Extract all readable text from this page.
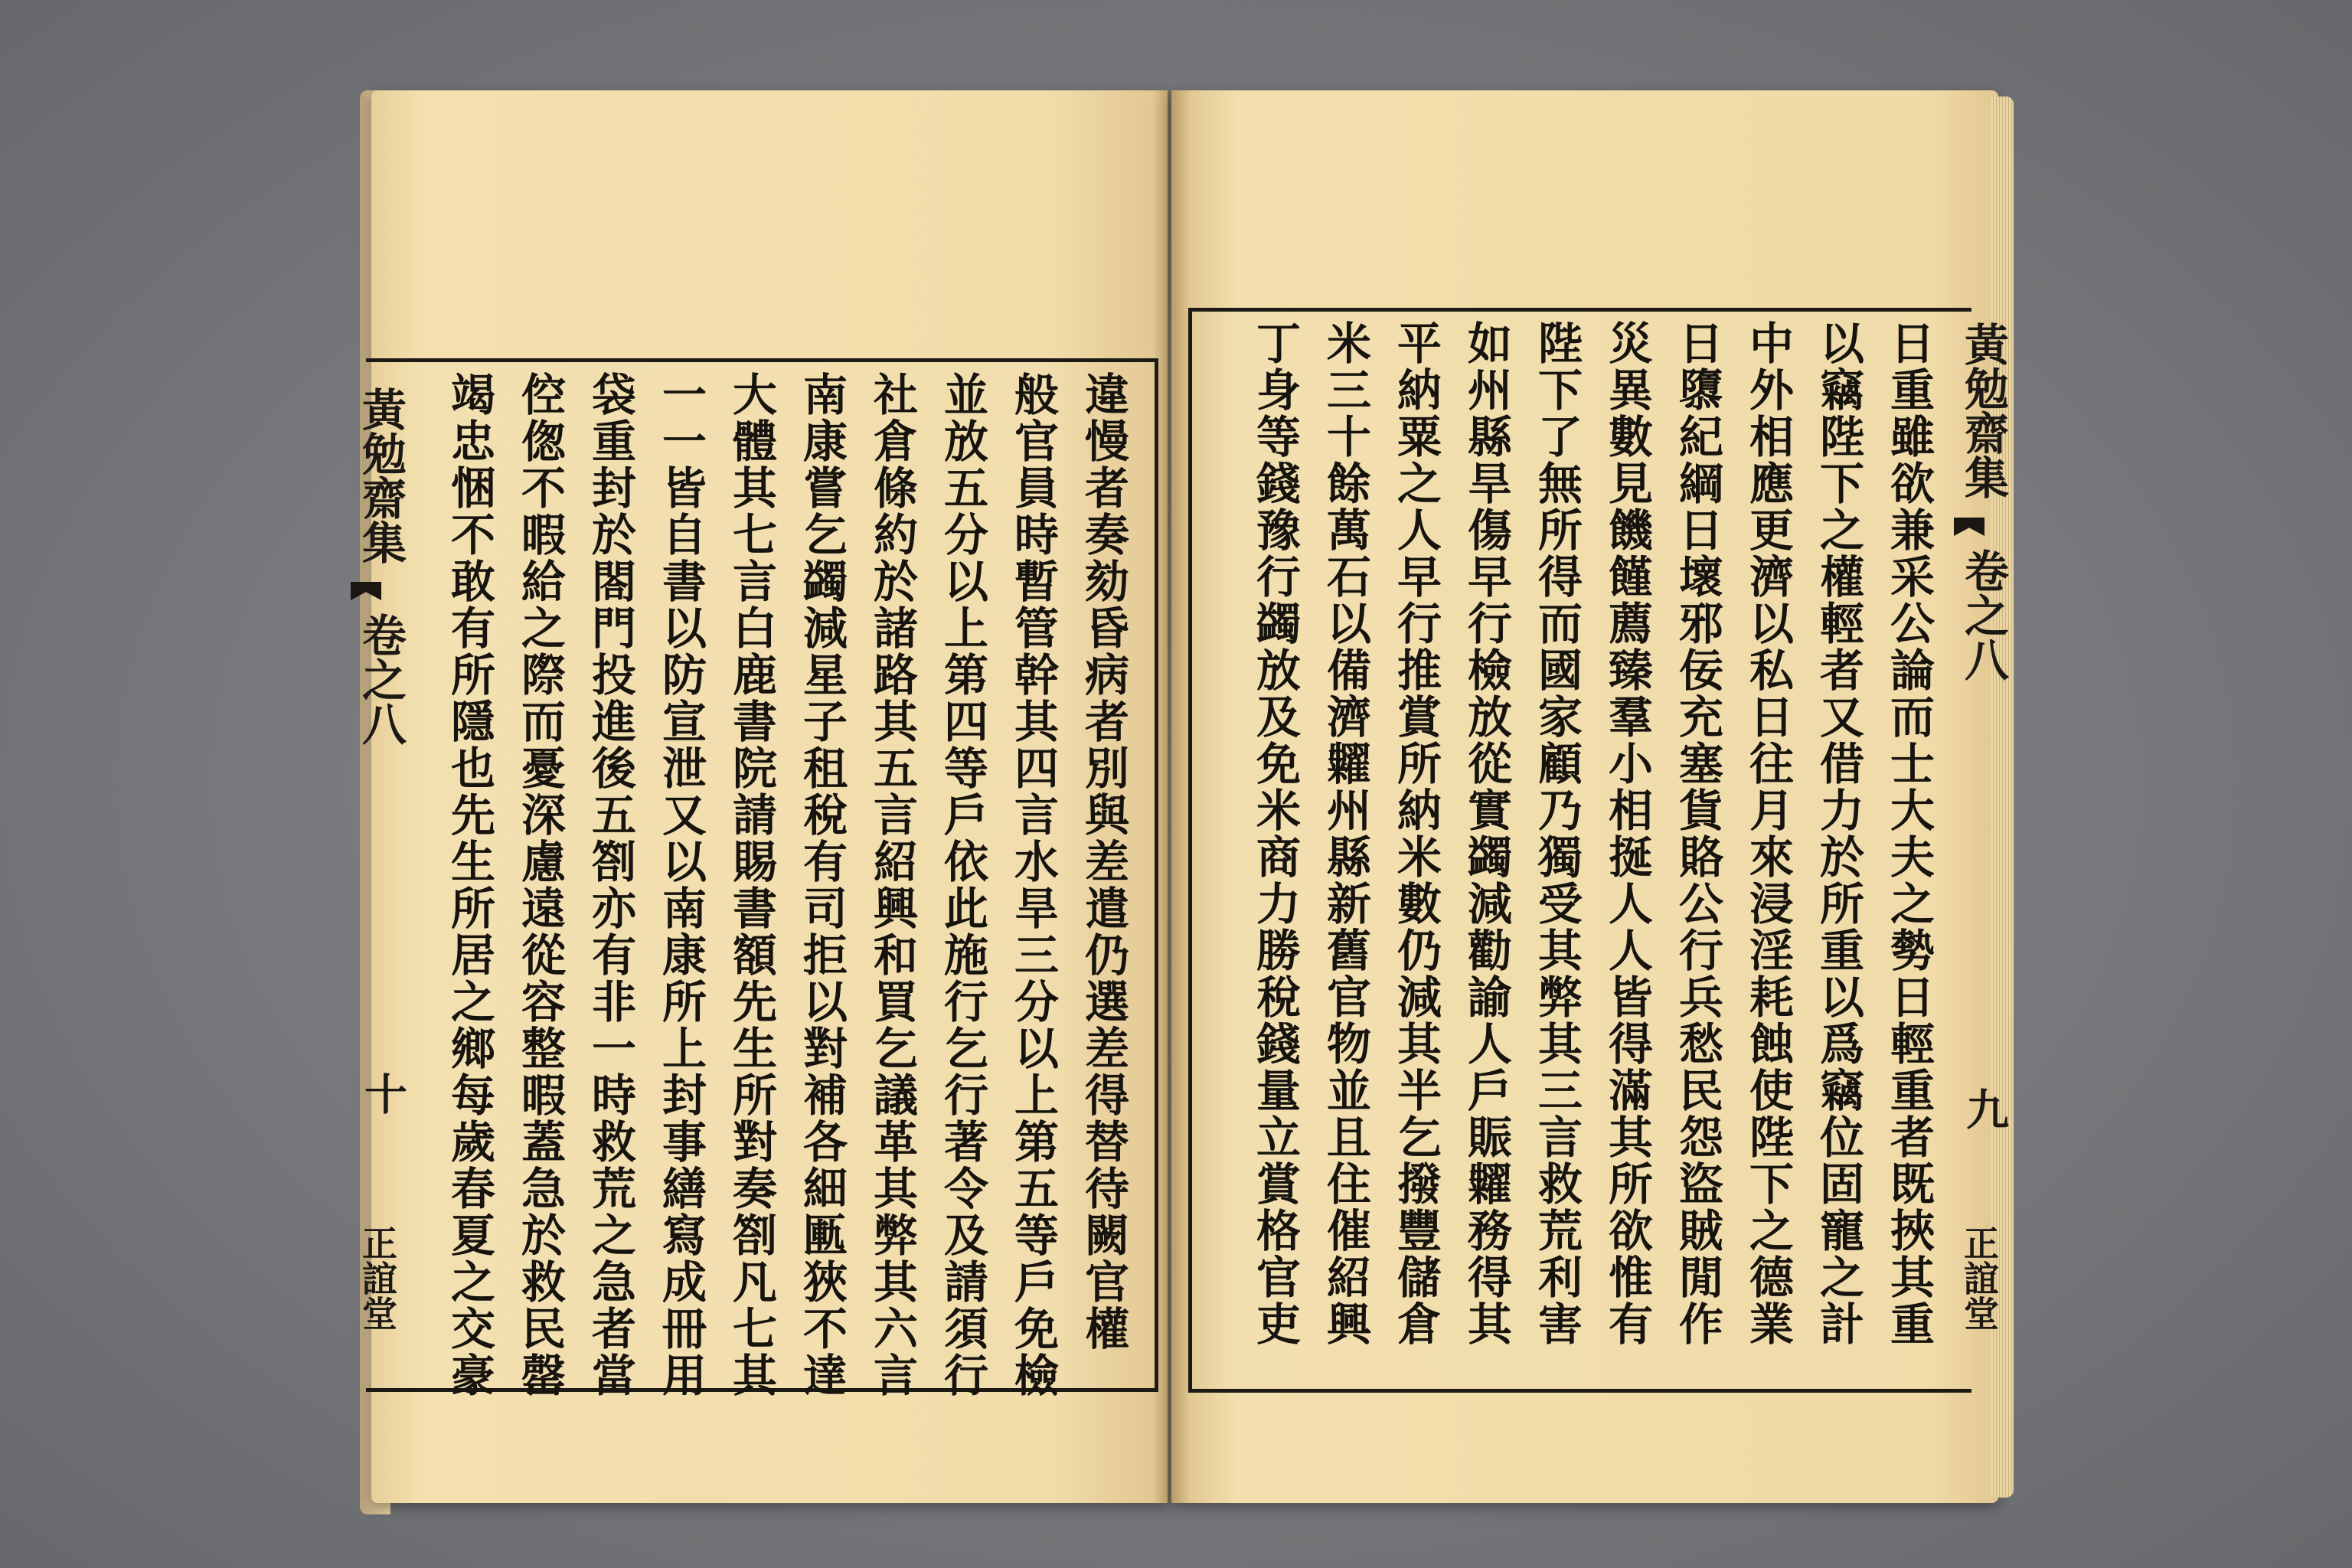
黃勉齋集
卷之八
十
正誼堂	違慢者奏劾昏病者別與差遣仍選差得替待闕官權
般官員時暫管幹其四言水旱三分以上第五等戶免檢
並放五分以上第四等戶依此施行乞行著令及請須行
社倉條約於諸路其五言紹興和買乞議革其弊其六言
南康嘗乞蠲減星子租稅有司拒以對補各細匭狹不達
大體其七言白鹿書院請賜書額先生所對奏劄凡七其
一一皆自書以防宣泄又以南康所上封事繕寫成冊用
袋重封於閤門投進後五劄亦有非一時救荒之急者當
倥偬不暇給之際而憂深慮遠從容整暇蓋急於救民罄
竭忠悃不敢有所隱也先生所居之鄉每歲春夏之交豪	黃勉齋集
卷之八
九
正誼堂
日重雖欲兼采公論而士大夫之勢日輕重者既挾其重
以竊陛下之權輕者又借力於所重以爲竊位固寵之計
中外相應更濟以私日往月來浸淫耗蝕使陛下之德業
日隳紀綱日壞邪佞充塞貨賂公行兵愁民怨盜賊閒作
災異數見饑饉薦臻羣小相挻人人皆得滿其所欲惟有
陛下了無所得而國家顧乃獨受其弊其三言救荒利害
如州縣旱傷早行檢放從實蠲減勸諭人戶賑糶務得其
平納粟之人早行推賞所納米數仍減其半乞撥豐儲倉
米三十餘萬石以備濟糶州縣新舊官物並且住催紹興
丁身等錢豫行蠲放及免米商力勝稅錢量立賞格官吏
